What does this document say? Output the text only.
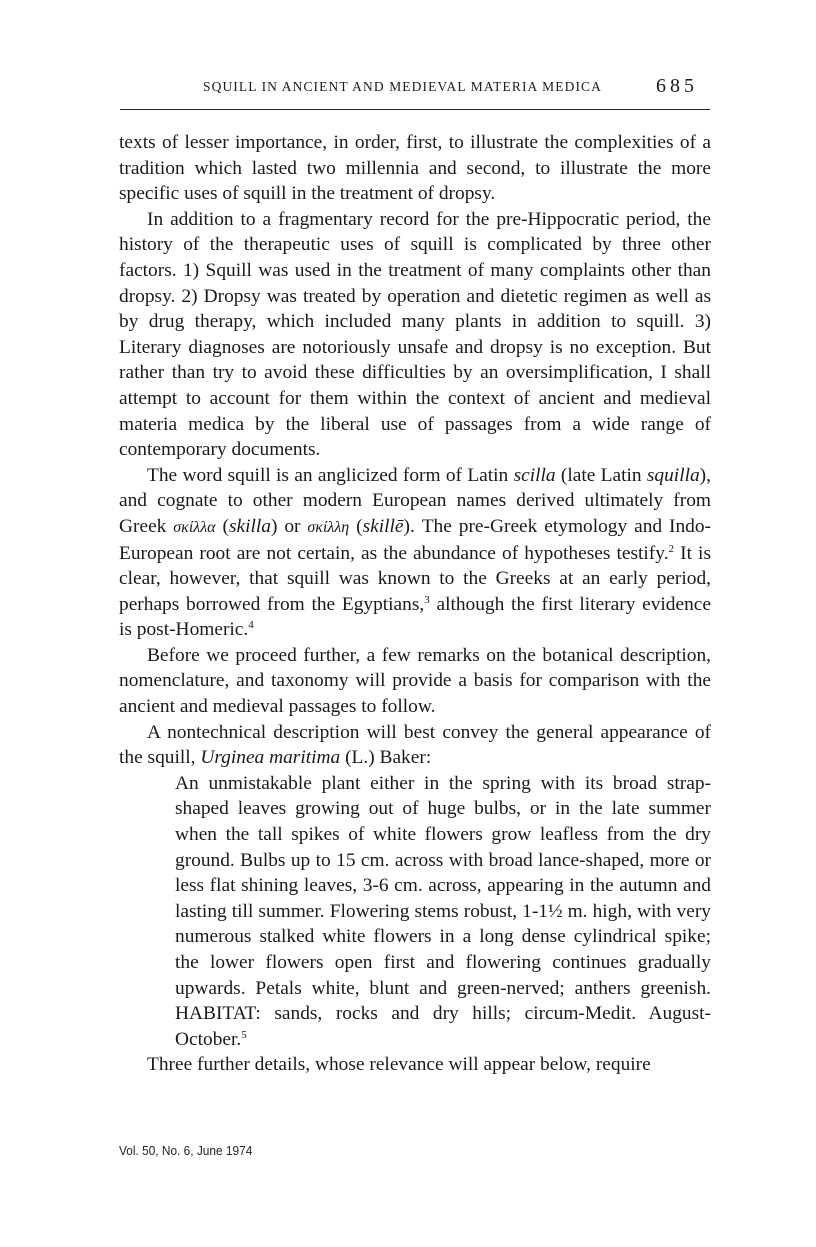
SQUILL IN ANCIENT AND MEDIEVAL MATERIA MEDICA	685

texts of lesser importance, in order, first, to illustrate the complexities of a tradition which lasted two millennia and second, to illustrate the more specific uses of squill in the treatment of dropsy.

In addition to a fragmentary record for the pre-Hippocratic period, the history of the therapeutic uses of squill is complicated by three other factors. 1) Squill was used in the treatment of many complaints other than dropsy. 2) Dropsy was treated by operation and dietetic regimen as well as by drug therapy, which included many plants in addition to squill. 3) Literary diagnoses are notoriously unsafe and dropsy is no exception. But rather than try to avoid these difficulties by an oversimplification, I shall attempt to account for them within the context of ancient and medieval materia medica by the liberal use of passages from a wide range of contemporary documents.

The word squill is an anglicized form of Latin scilla (late Latin squilla), and cognate to other modern European names derived ultimately from Greek σκίλλα (skilla) or σκίλλη (skillē). The pre-Greek etymology and Indo-European root are not certain, as the abundance of hypotheses testify.$^2$ It is clear, however, that squill was known to the Greeks at an early period, perhaps borrowed from the Egyptians,$^3$ although the first literary evidence is post-Homeric.$^4$

Before we proceed further, a few remarks on the botanical description, nomenclature, and taxonomy will provide a basis for comparison with the ancient and medieval passages to follow.

A nontechnical description will best convey the general appearance of the squill, Urginea maritima (L.) Baker:

An unmistakable plant either in the spring with its broad strap-shaped leaves growing out of huge bulbs, or in the late summer when the tall spikes of white flowers grow leafless from the dry ground. Bulbs up to 15 cm. across with broad lance-shaped, more or less flat shining leaves, 3-6 cm. across, appearing in the autumn and lasting till summer. Flowering stems robust, 1-1½ m. high, with very numerous stalked white flowers in a long dense cylindrical spike; the lower flowers open first and flowering continues gradually upwards. Petals white, blunt and green-nerved; anthers greenish. HABITAT: sands, rocks and dry hills; circum-Medit. August-October.$^5$

Three further details, whose relevance will appear below, require

Vol. 50, No. 6, June 1974
